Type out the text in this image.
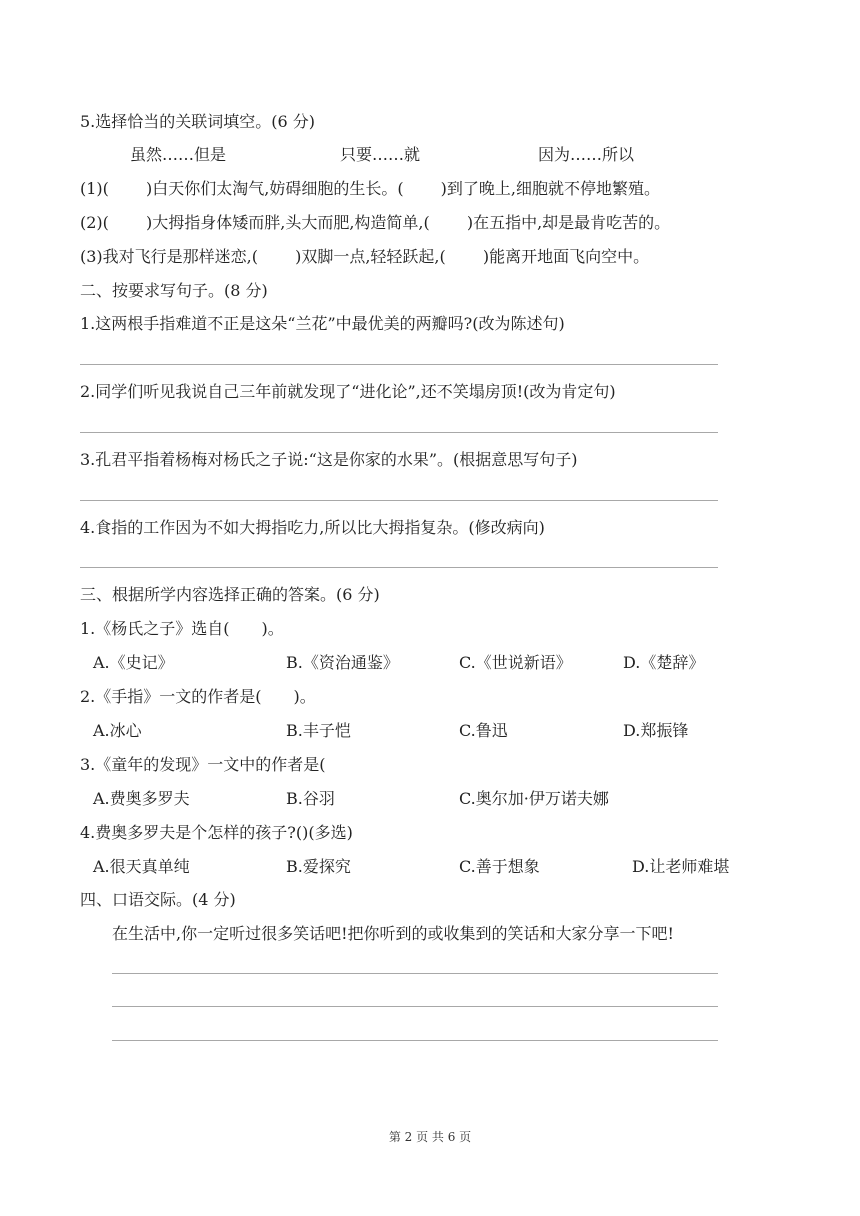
5.选择恰当的关联词填空。(6 分)
虽然……但是	只要……就	因为……所以
(1)(　　 )白天你们太淘气,妨碍细胞的生长。(　　 )到了晚上,细胞就不停地繁殖。
(2)(　　 )大拇指身体矮而胖,头大而肥,构造简单,(　　 )在五指中,却是最肯吃苦的。
(3)我对飞行是那样迷恋,(　　 )双脚一点,轻轻跃起,(　　 )能离开地面飞向空中。
二、按要求写句子。(8 分)
1.这两根手指难道不正是这朵“兰花”中最优美的两瓣吗?(改为陈述句)
2.同学们听见我说自己三年前就发现了“进化论”,还不笑塌房顶!(改为肯定句)
3.孔君平指着杨梅对杨氏之子说:“这是你家的水果”。(根据意思写句子)
4.食指的工作因为不如大拇指吃力,所以比大拇指复杂。(修改病向)
三、根据所学内容选择正确的答案。(6 分)
1.《杨氏之子》选自(　　)。
A.《史记》	B.《资治通鉴》	C.《世说新语》	D.《楚辞》
2.《手指》一文的作者是(　　)。
A.冰心	B.丰子恺	C.鲁迅	D.郑振锋
3.《童年的发现》一文中的作者是(
A.费奥多罗夫	B.谷羽	C.奥尔加·伊万诺夫娜
4.费奥多罗夫是个怎样的孩子?()(多选)
A.很天真单纯	B.爱探究	C.善于想象	D.让老师难堪
四、口语交际。(4 分)
在生活中,你一定听过很多笑话吧!把你听到的或收集到的笑话和大家分享一下吧!
第 2 页 共 6 页
